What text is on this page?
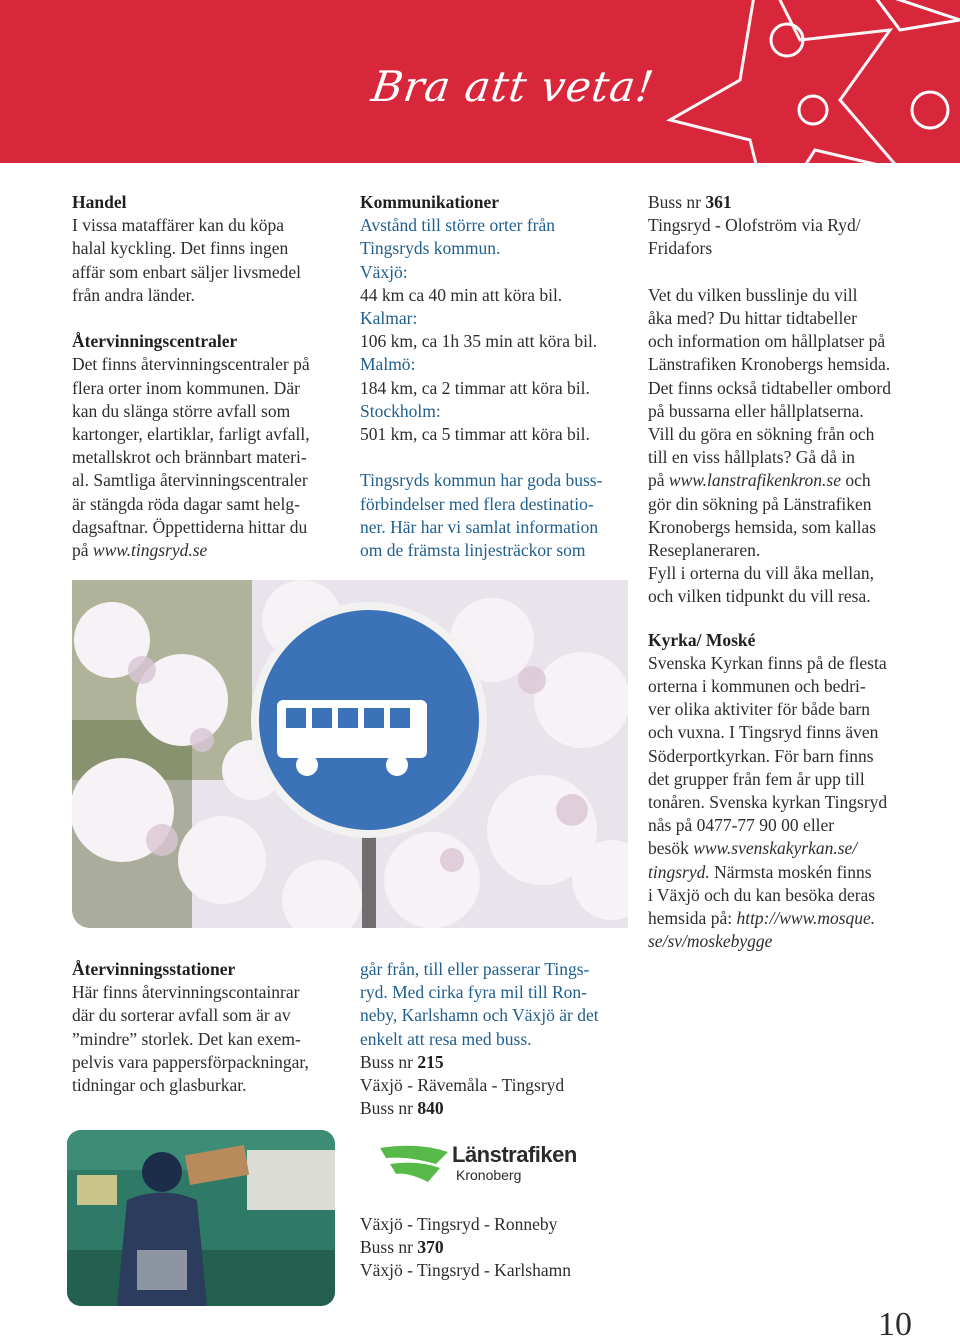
Bra att veta!

Handel

I vissa mataffärer kan du köpa

halal kyckling. Det finns ingen

affär som enbart säljer livsmedel

från andra länder.

Återvinningscentraler

Det finns återvinningscentraler på

flera orter inom kommunen. Där

kan du slänga större avfall som

kartonger, elartiklar, farligt avfall,

metallskrot och brännbart materi-

al. Samtliga återvinningscentraler

är stängda röda dagar samt helg-

dagsaftnar. Öppettiderna hittar du

på www.tingsryd.se

Återvinningsstationer

Här finns återvinningscontainrar

där du sorterar avfall som är av

”mindre” storlek. Det kan exem-

pelvis vara pappersförpackningar,

tidningar och glasburkar.

Kommunikationer

Avstånd till större orter från

Tingsryds kommun.

Växjö:

44 km ca 40 min att köra bil.

Kalmar:

106 km, ca 1h 35 min att köra bil.

Malmö:

184 km, ca 2 timmar att köra bil.

Stockholm:

501 km, ca 5 timmar att köra bil.

Tingsryds kommun har goda buss-

förbindelser med flera destinatio-

ner. Här har vi samlat information

om de främsta linjesträckor som

går från, till eller passerar Tings-

ryd. Med cirka fyra mil till Ron-

neby, Karlshamn och Växjö är det

enkelt att resa med buss.

Buss nr 215

Växjö - Rävemåla - Tingsryd

Buss nr 840

Länstrafiken
Kronoberg

Växjö - Tingsryd - Ronneby

Buss nr 370

Växjö - Tingsryd - Karlshamn

Buss nr 361

Tingsryd - Olofström via Ryd/

Fridafors

Vet du vilken busslinje du vill

åka med? Du hittar tidtabeller

och information om hållplatser på

Länstrafiken Kronobergs hemsida.

Det finns också tidtabeller ombord

på bussarna eller hållplatserna.

Vill du göra en sökning från och

till en viss hållplats? Gå då in

på www.lanstrafikenkron.se och

gör din sökning på Länstrafiken

Kronobergs hemsida, som kallas

Reseplaneraren.

Fyll i orterna du vill åka mellan,

och vilken tidpunkt du vill resa.

Kyrka/ Moské

Svenska Kyrkan finns på de flesta

orterna i kommunen och bedri-

ver olika aktiviter för både barn

och vuxna. I Tingsryd finns även

Söderportkyrkan. För barn finns

det grupper från fem år upp till

tonåren. Svenska kyrkan Tingsryd

nås på 0477-77 90 00 eller

besök www.svenskakyrkan.se/

tingsryd. Närmsta moskén finns

i Växjö och du kan besöka deras

hemsida på: http://www.mosque.

se/sv/moskebygge

10
